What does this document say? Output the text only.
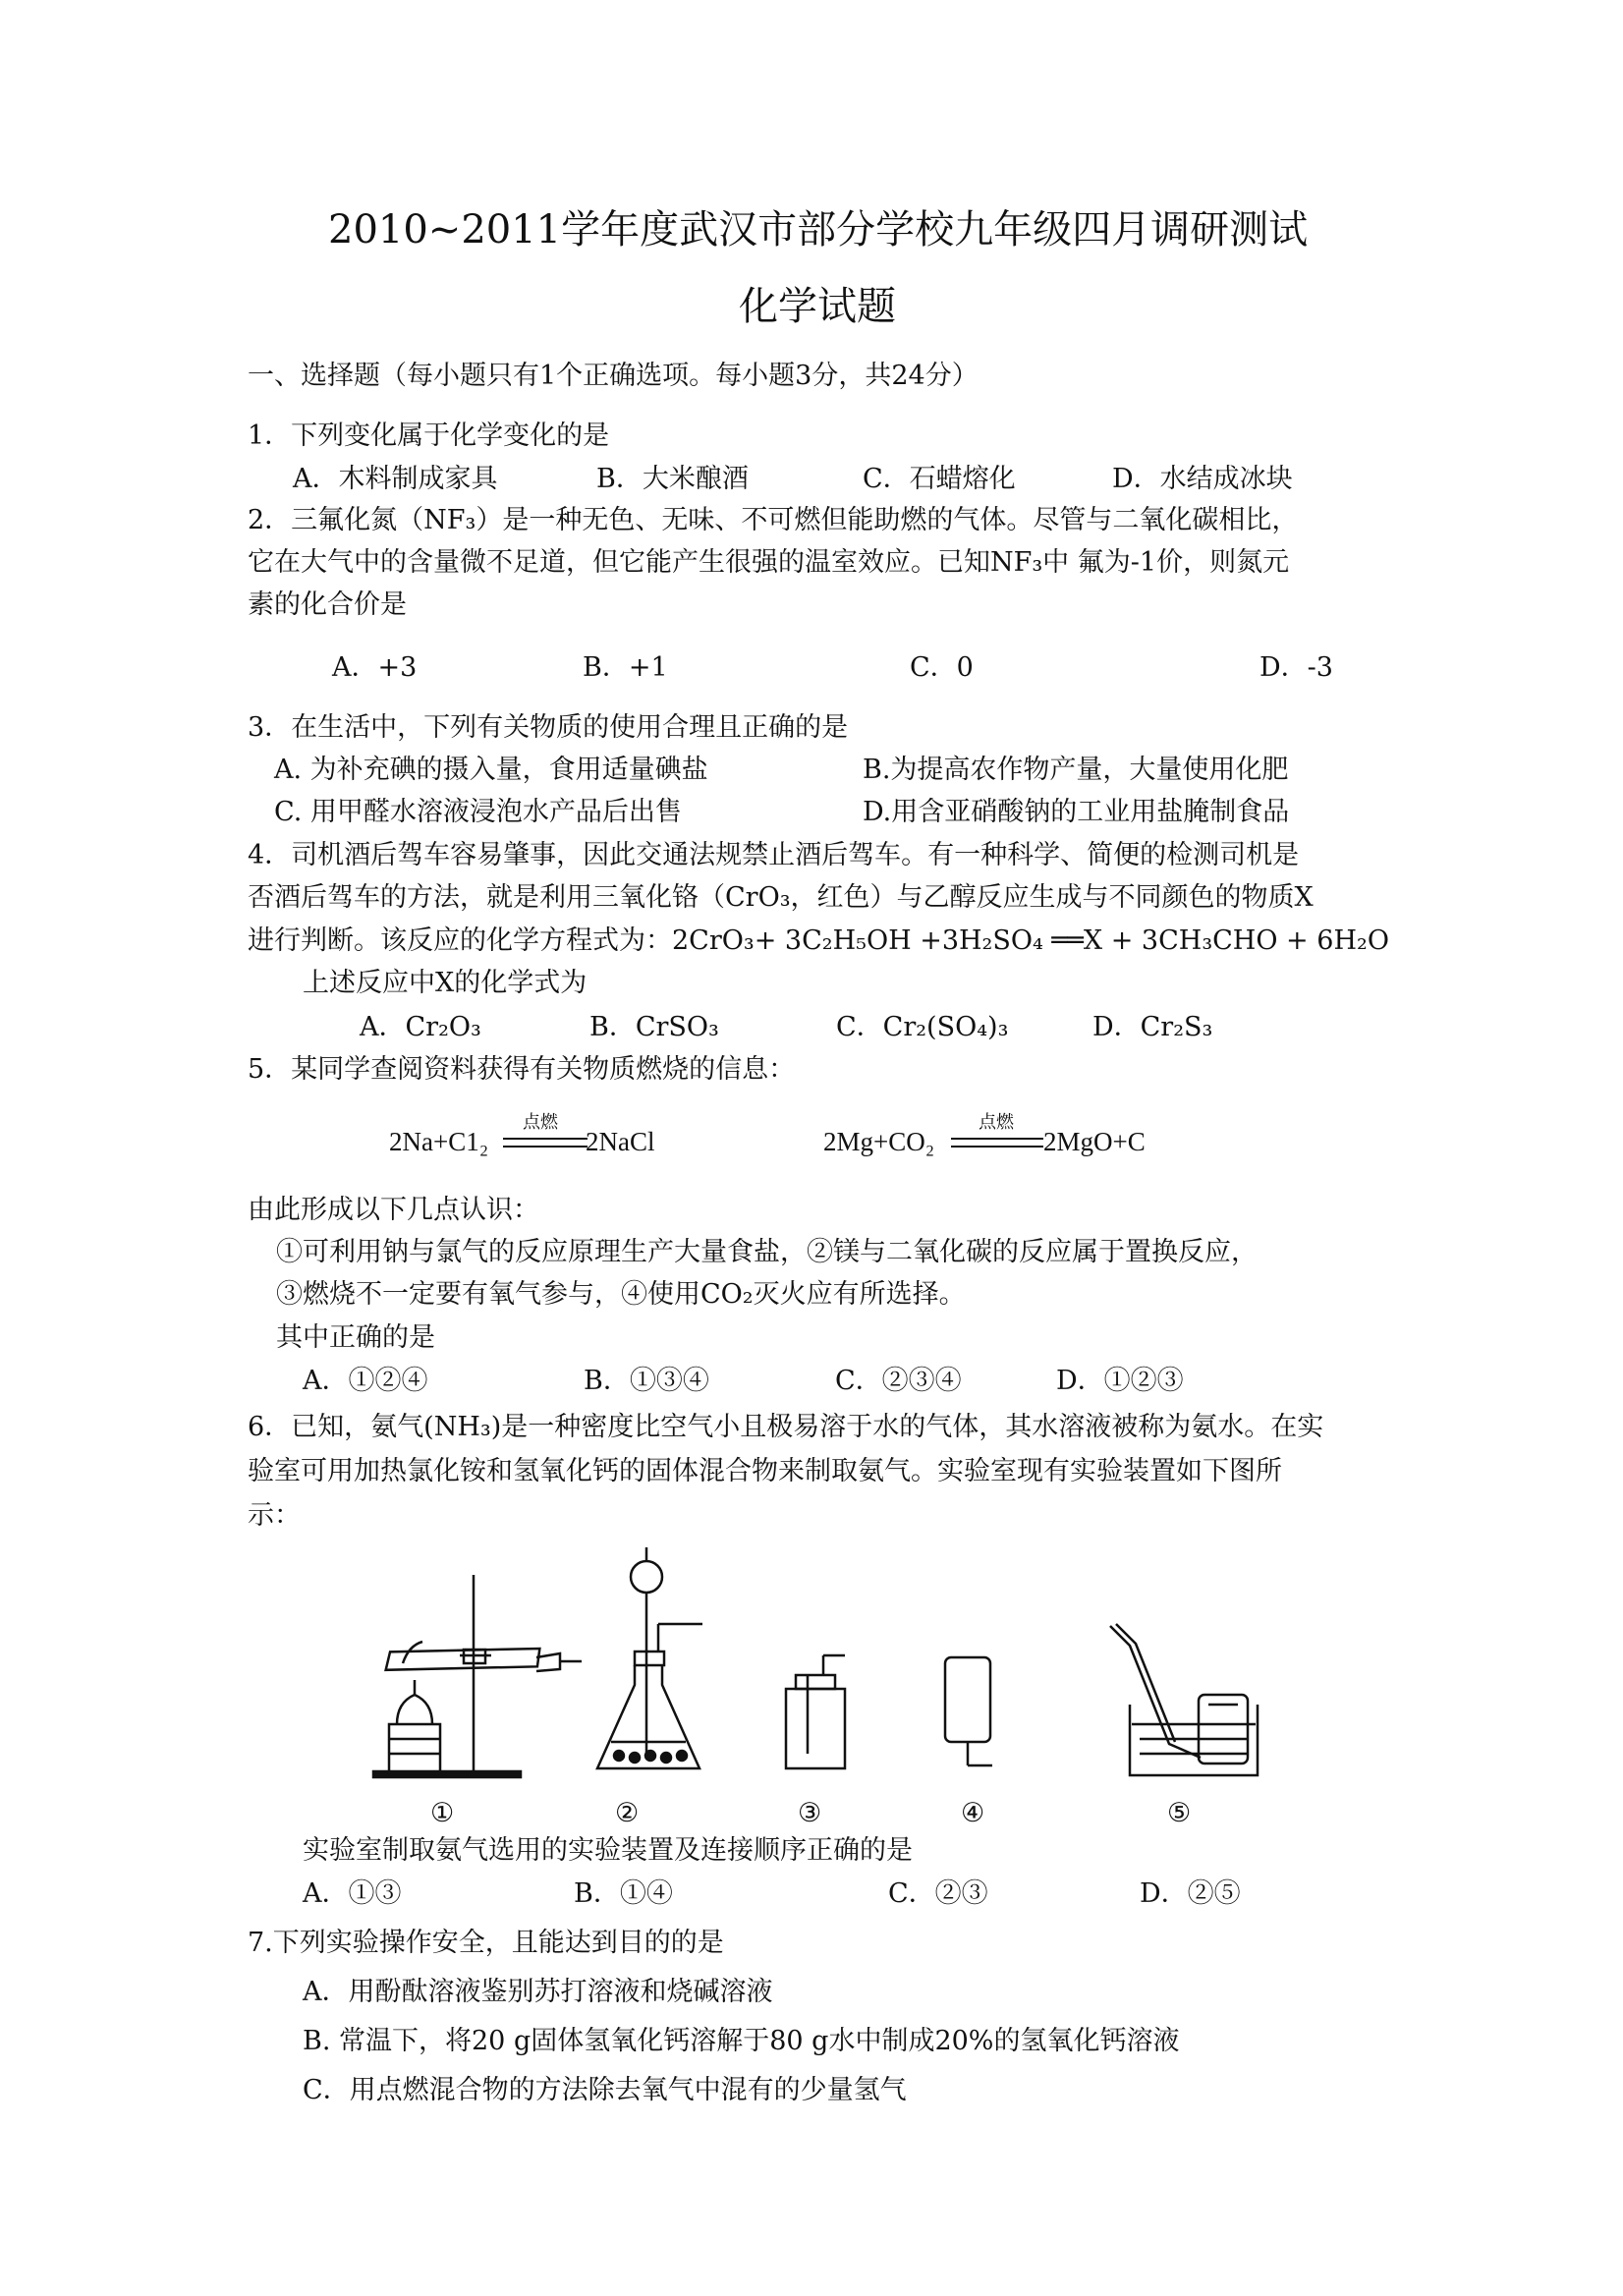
2010~2011学年度武汉市部分学校九年级四月调研测试
化学试题
一、选择题（每小题只有1个正确选项。每小题3分，共24分）
1．下列变化属于化学变化的是
A．木料制成家具	B．大米酿酒	C．石蜡熔化	D．水结成冰块
2．三氟化氮（NF₃）是一种无色、无味、不可燃但能助燃的气体。尽管与二氧化碳相比，
它在大气中的含量微不足道，但它能产生很强的温室效应。已知NF₃中 氟为-1价，则氮元
素的化合价是
A．+3	B．+1	C．0	D．-3
3．在生活中，下列有关物质的使用合理且正确的是
A. 为补充碘的摄入量，食用适量碘盐	B.为提高农作物产量，大量使用化肥
C. 用甲醛水溶液浸泡水产品后出售	D.用含亚硝酸钠的工业用盐腌制食品
4．司机酒后驾车容易肇事，因此交通法规禁止酒后驾车。有一种科学、简便的检测司机是
否酒后驾车的方法，就是利用三氧化铬（CrO₃，红色）与乙醇反应生成与不同颜色的物质X
进行判断。该反应的化学方程式为：2CrO₃+ 3C₂H₅OH +3H₂SO₄ ══X + 3CH₃CHO + 6H₂O
上述反应中X的化学式为
A．Cr₂O₃	B．CrSO₃	C．Cr₂(SO₄)₃	D．Cr₂S₃
5．某同学查阅资料获得有关物质燃烧的信息：
2Na+C1₂
点燃
2NaCl	2Mg+CO₂
点燃
2MgO+C
由此形成以下几点认识：
①可利用钠与氯气的反应原理生产大量食盐，②镁与二氧化碳的反应属于置换反应，
③燃烧不一定要有氧气参与，④使用CO₂灭火应有所选择。
其中正确的是
A．①②④	B．①③④	C．②③④	D．①②③
6．已知，氨气(NH₃)是一种密度比空气小且极易溶于水的气体，其水溶液被称为氨水。在实
验室可用加热氯化铵和氢氧化钙的固体混合物来制取氨气。实验室现有实验装置如下图所
示：
①	②	③	④	⑤
实验室制取氨气选用的实验装置及连接顺序正确的是
A．①③	B．①④	C．②③	D．②⑤
7.下列实验操作安全，且能达到目的的是
A．用酚酞溶液鉴别苏打溶液和烧碱溶液
B. 常温下，将20 g固体氢氧化钙溶解于80 g水中制成20%的氢氧化钙溶液
C．用点燃混合物的方法除去氧气中混有的少量氢气
